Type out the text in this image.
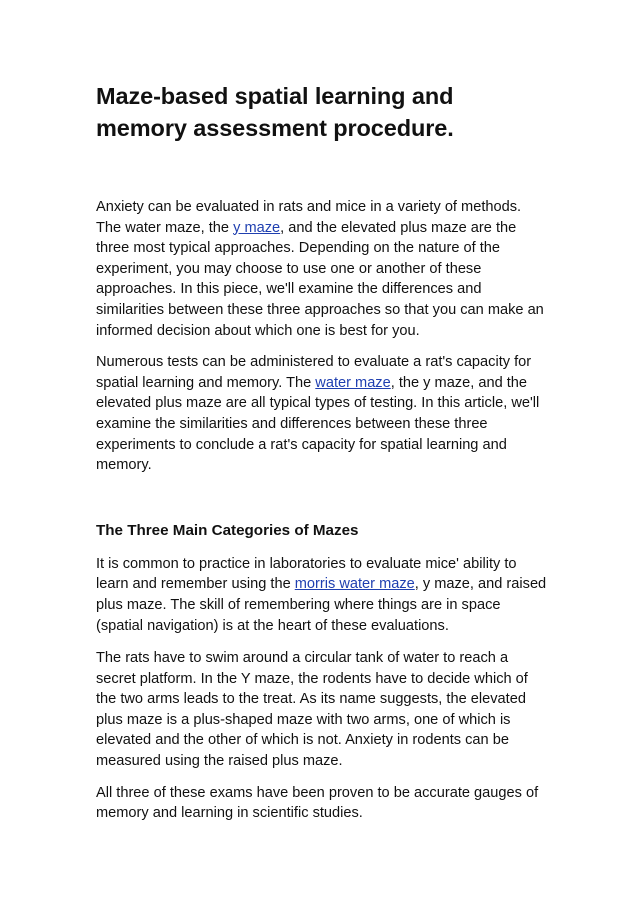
Maze-based spatial learning and memory assessment procedure.

Anxiety can be evaluated in rats and mice in a variety of methods. The water maze, the y maze, and the elevated plus maze are the three most typical approaches. Depending on the nature of the experiment, you may choose to use one or another of these approaches. In this piece, we'll examine the differences and similarities between these three approaches so that you can make an informed decision about which one is best for you.

Numerous tests can be administered to evaluate a rat's capacity for spatial learning and memory. The water maze, the y maze, and the elevated plus maze are all typical types of testing. In this article, we'll examine the similarities and differences between these three experiments to conclude a rat's capacity for spatial learning and memory.

The Three Main Categories of Mazes

It is common to practice in laboratories to evaluate mice' ability to learn and remember using the morris water maze, y maze, and raised plus maze. The skill of remembering where things are in space (spatial navigation) is at the heart of these evaluations.

The rats have to swim around a circular tank of water to reach a secret platform. In the Y maze, the rodents have to decide which of the two arms leads to the treat. As its name suggests, the elevated plus maze is a plus-shaped maze with two arms, one of which is elevated and the other of which is not. Anxiety in rodents can be measured using the raised plus maze.

All three of these exams have been proven to be accurate gauges of memory and learning in scientific studies.
